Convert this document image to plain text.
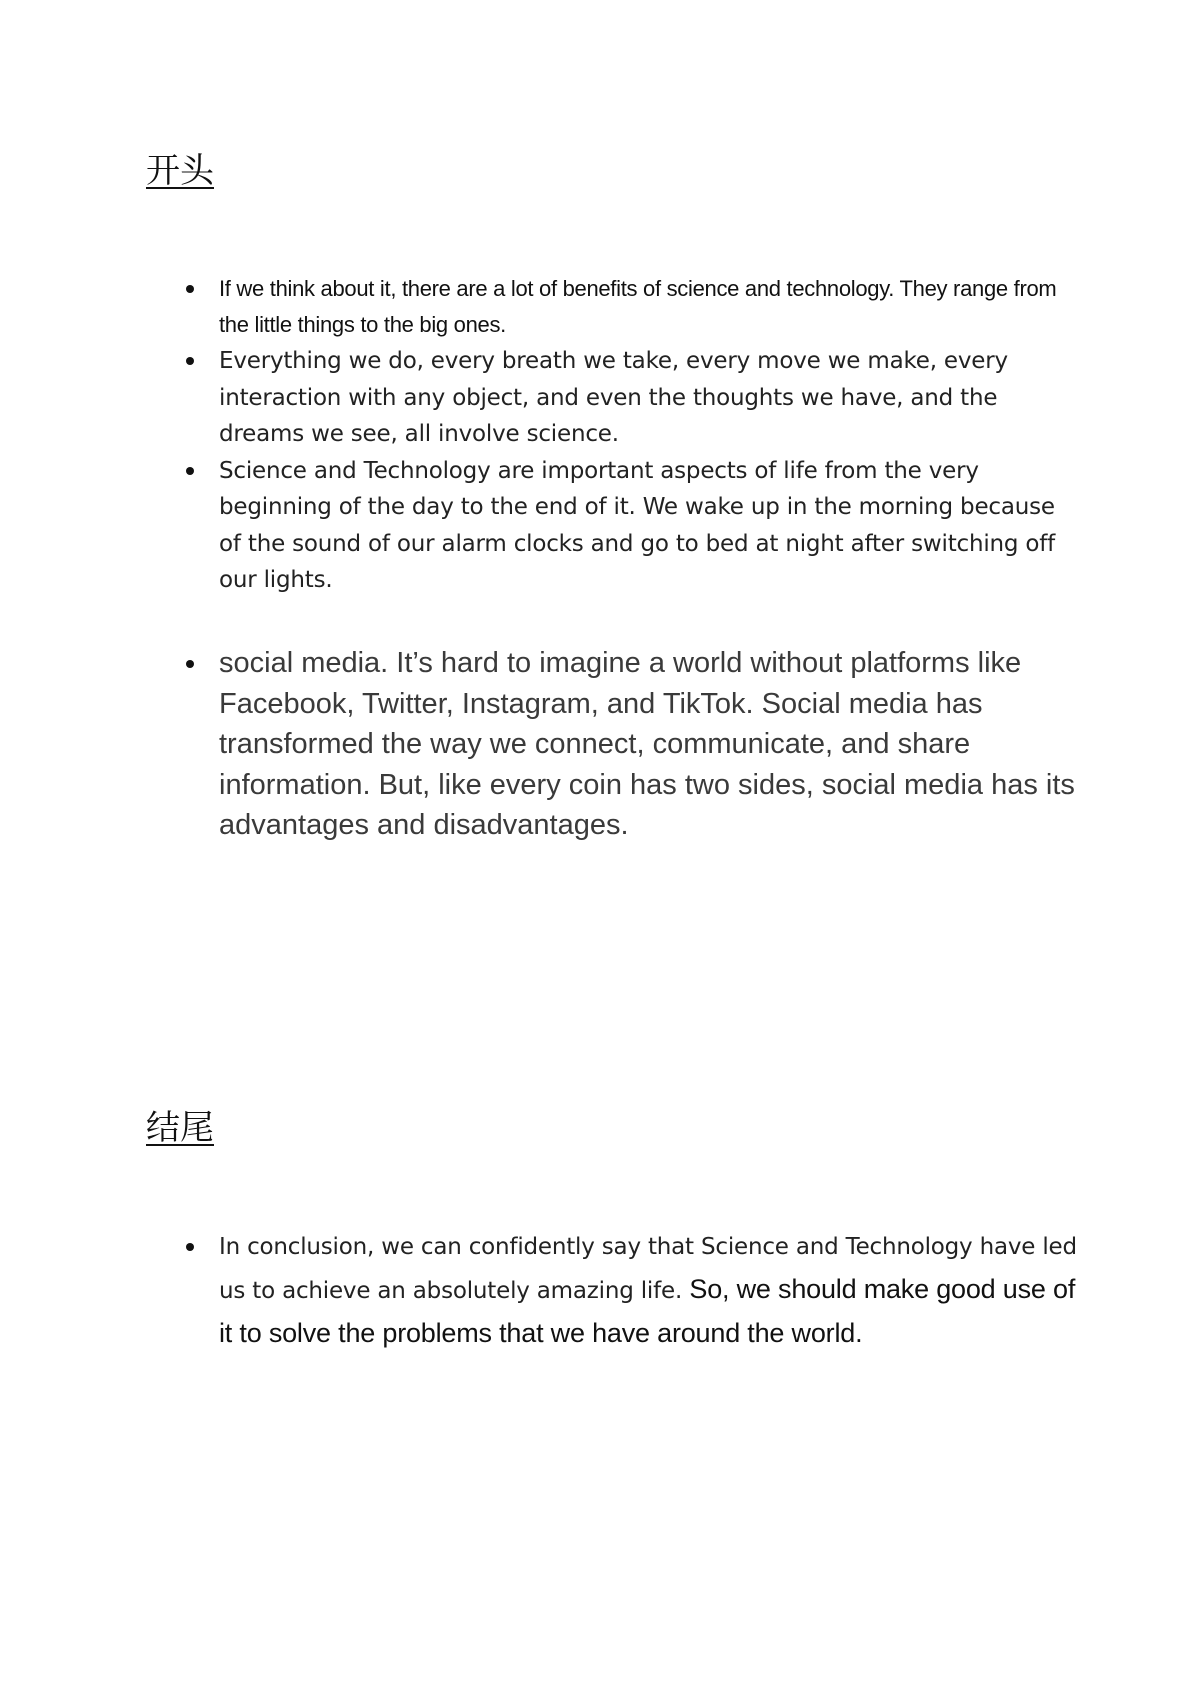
开头
If we think about it, there are a lot of benefits of science and technology. They range from the little things to the big ones.
Everything we do, every breath we take, every move we make, every interaction with any object, and even the thoughts we have, and the dreams we see, all involve science.
Science and Technology are important aspects of life from the very beginning of the day to the end of it. We wake up in the morning because of the sound of our alarm clocks and go to bed at night after switching off our lights.
social media. It’s hard to imagine a world without platforms like Facebook, Twitter, Instagram, and TikTok. Social media has transformed the way we connect, communicate, and share information. But, like every coin has two sides, social media has its advantages and disadvantages.
结尾
In conclusion, we can confidently say that Science and Technology have led us to achieve an absolutely amazing life. So, we should make good use of it to solve the problems that we have around the world.
